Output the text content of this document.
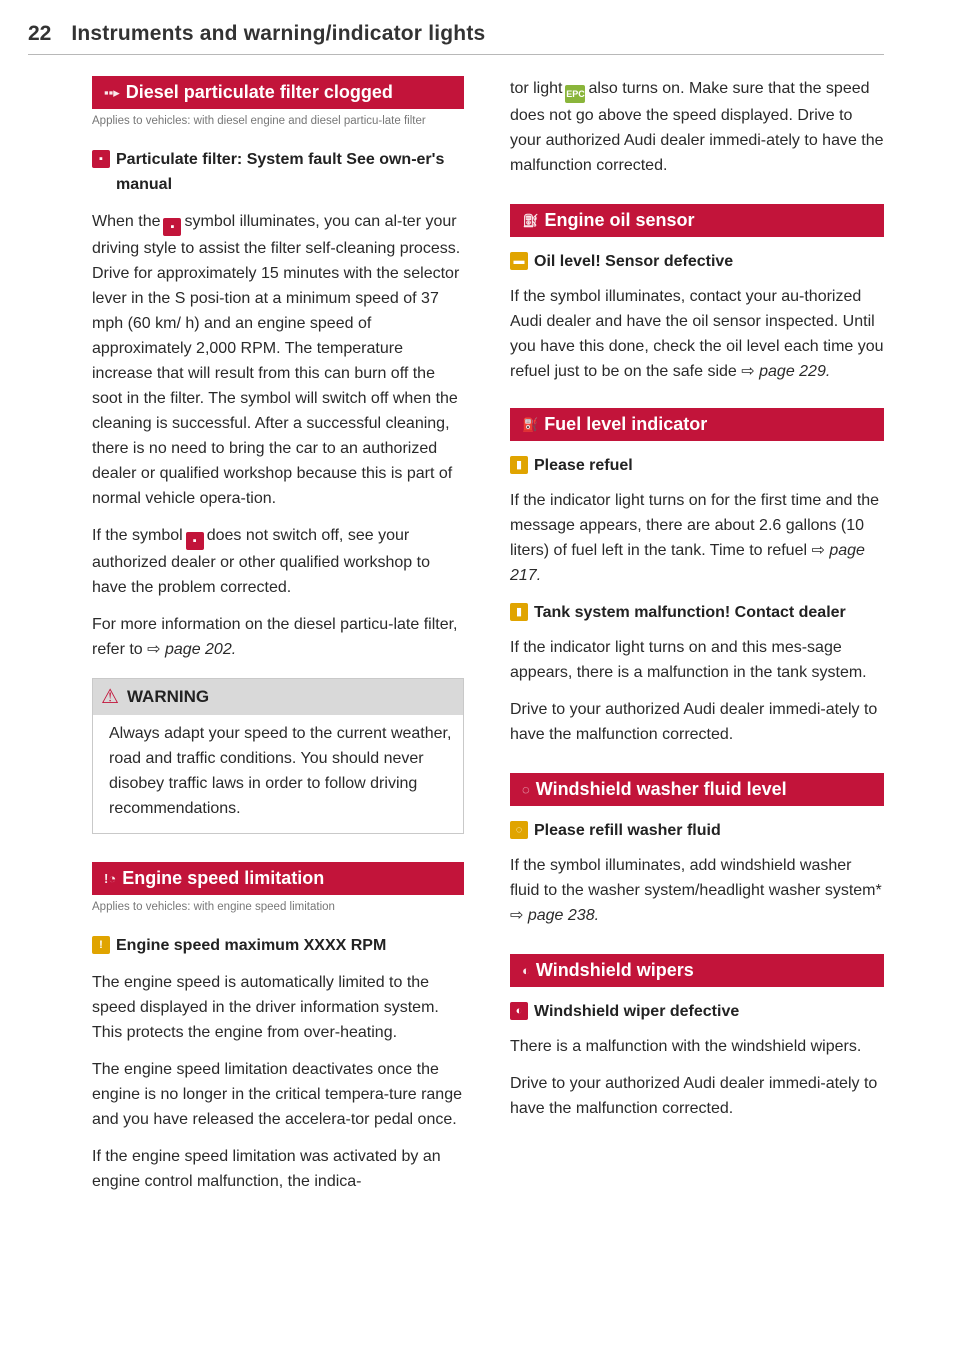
22 Instruments and warning/indicator lights
▪▪▸ Diesel particulate filter clogged

Applies to vehicles: with diesel engine and diesel particu-late filter

▪ Particulate filter: System fault See own-er's manual

When the ▪ symbol illuminates, you can al-ter your driving style to assist the filter self-cleaning process. Drive for approximately 15 minutes with the selector lever in the S posi-tion at a minimum speed of 37 mph (60 km/ h) and an engine speed of approximately 2,000 RPM. The temperature increase that will result from this can burn off the soot in the filter. The symbol will switch off when the cleaning is successful. After a successful cleaning, there is no need to bring the car to an authorized dealer or qualified workshop because this is part of normal vehicle opera-tion.

If the symbol ▪ does not switch off, see your authorized dealer or other qualified workshop to have the problem corrected.

For more information on the diesel particu-late filter, refer to ⇨ page 202.

⚠ WARNING
Always adapt your speed to the current weather, road and traffic conditions. You should never disobey traffic laws in order to follow driving recommendations.
!◔ Engine speed limitation

Applies to vehicles: with engine speed limitation

! Engine speed maximum XXXX RPM

The engine speed is automatically limited to the speed displayed in the driver information system. This protects the engine from over-heating.

The engine speed limitation deactivates once the engine is no longer in the critical tempera-ture range and you have released the accelera-tor pedal once.

If the engine speed limitation was activated by an engine control malfunction, the indica-

tor light EPC also turns on. Make sure that the speed does not go above the speed displayed. Drive to your authorized Audi dealer immedi-ately to have the malfunction corrected.

⛽︎ Engine oil sensor
▬ Oil level! Sensor defective

If the symbol illuminates, contact your au-thorized Audi dealer and have the oil sensor inspected. Until you have this done, check the oil level each time you refuel just to be on the safe side ⇨ page 229.

⛽ Fuel level indicator
▮ Please refuel

If the indicator light turns on for the first time and the message appears, there are about 2.6 gallons (10 liters) of fuel left in the tank. Time to refuel ⇨ page 217.

▮ Tank system malfunction! Contact dealer

If the indicator light turns on and this mes-sage appears, there is a malfunction in the tank system.

Drive to your authorized Audi dealer immedi-ately to have the malfunction corrected.

◌ Windshield washer fluid level
◌ Please refill washer fluid

If the symbol illuminates, add windshield washer fluid to the washer system/headlight washer system* ⇨ page 238.

◐ Windshield wipers
◐ Windshield wiper defective

There is a malfunction with the windshield wipers.

Drive to your authorized Audi dealer immedi-ately to have the malfunction corrected.
